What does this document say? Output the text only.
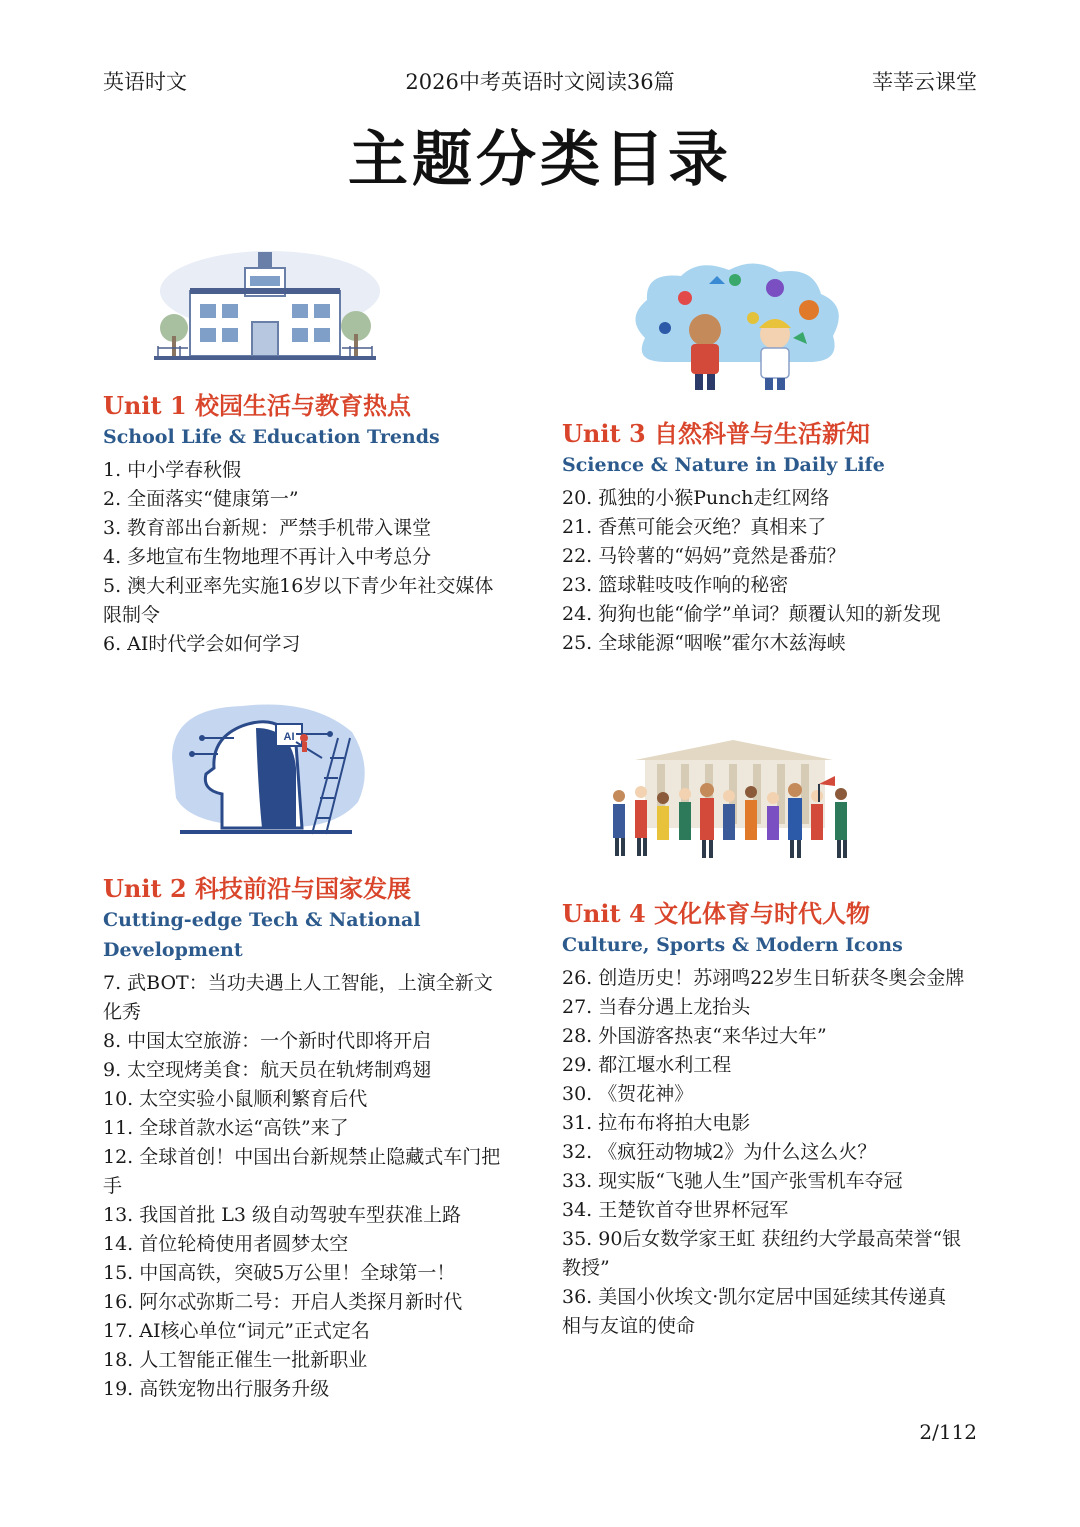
英语时文	2026中考英语时文阅读36篇	莘莘云课堂
主题分类目录
AI
Unit 1 校园生活与教育热点
School Life & Education Trends
1. 中小学春秋假
2. 全面落实“健康第一”
3. 教育部出台新规：严禁手机带入课堂
4. 多地宣布生物地理不再计入中考总分
5. 澳大利亚率先实施16岁以下青少年社交媒体
限制令
6. AI时代学会如何学习
Unit 2 科技前沿与国家发展
Cutting-edge Tech & National Development
7. 武BOT：当功夫遇上人工智能，上演全新文
化秀
8. 中国太空旅游：一个新时代即将开启
9. 太空现烤美食：航天员在轨烤制鸡翅
10. 太空实验小鼠顺利繁育后代
11. 全球首款水运“高铁”来了
12. 全球首创！中国出台新规禁止隐藏式车门把
手
13. 我国首批 L3 级自动驾驶车型获准上路
14. 首位轮椅使用者圆梦太空
15. 中国高铁，突破5万公里！全球第一！
16. 阿尔忒弥斯二号：开启人类探月新时代
17. AI核心单位“词元”正式定名
18. 人工智能正催生一批新职业
19. 高铁宠物出行服务升级
Unit 3 自然科普与生活新知
Science & Nature in Daily Life
20. 孤独的小猴Punch走红网络
21. 香蕉可能会灭绝？真相来了
22. 马铃薯的“妈妈”竟然是番茄？
23. 篮球鞋吱吱作响的秘密
24. 狗狗也能“偷学”单词？颠覆认知的新发现
25. 全球能源“咽喉”霍尔木兹海峡
Unit 4 文化体育与时代人物
Culture, Sports & Modern Icons
26. 创造历史！苏翊鸣22岁生日斩获冬奥会金牌
27. 当春分遇上龙抬头
28. 外国游客热衷“来华过大年”
29. 都江堰水利工程
30. 《贺花神》
31. 拉布布将拍大电影
32. 《疯狂动物城2》为什么这么火？
33. 现实版“飞驰人生”国产张雪机车夺冠
34. 王楚钦首夺世界杯冠军
35. 90后女数学家王虹 获纽约大学最高荣誉“银
教授”
36. 美国小伙埃文·凯尔定居中国延续其传递真
相与友谊的使命
2/112
